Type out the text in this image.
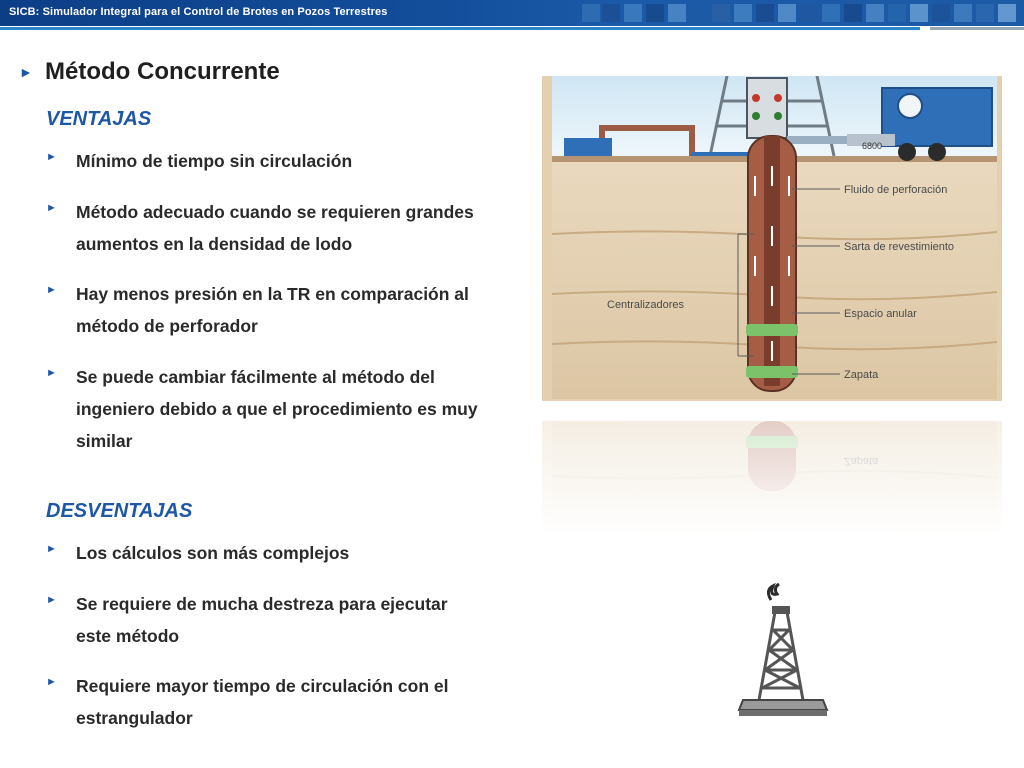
SICB: Simulador Integral para el Control de Brotes en Pozos Terrestres
► Método Concurrente
VENTAJAS
►	Mínimo de tiempo sin circulación
►	Método adecuado cuando se requieren grandes
aumentos en la densidad de lodo
►	Hay menos presión en la TR en comparación al
método de perforador
►	Se puede cambiar fácilmente al método del
ingeniero debido a que el procedimiento es muy
similar
DESVENTAJAS
►	Los cálculos son más complejos
►	Se requiere de mucha destreza para ejecutar
este método
►	Requiere mayor tiempo de circulación con el
estrangulador
6800
Fluido de perforación
Sarta de revestimiento
Centralizadores
Espacio anular
Zapata
